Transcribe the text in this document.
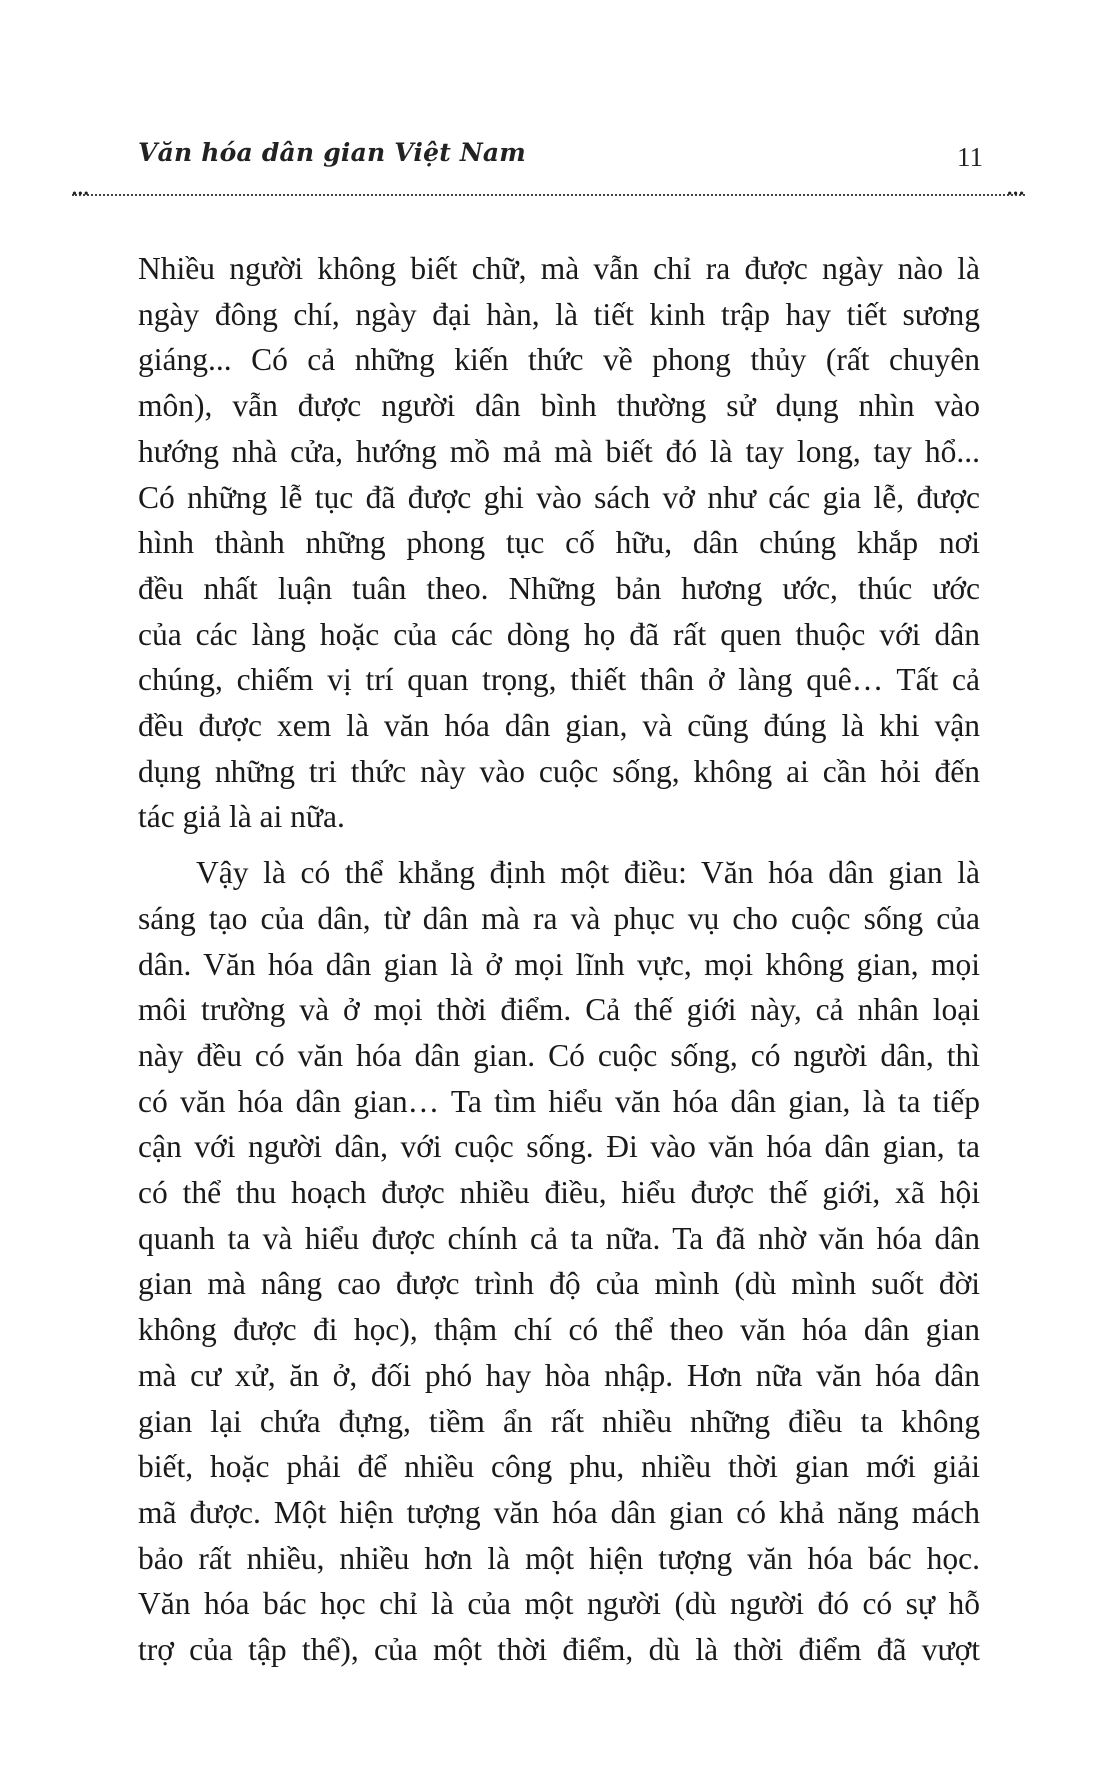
Văn hóa dân gian Việt Nam	11
•••	•••
Nhiều người không biết chữ, mà vẫn chỉ ra được ngày nào là
ngày đông chí, ngày đại hàn, là tiết kinh trập hay tiết sương
giáng... Có cả những kiến thức về phong thủy (rất chuyên
môn), vẫn được người dân bình thường sử dụng nhìn vào
hướng nhà cửa, hướng mồ mả mà biết đó là tay long, tay hổ...
Có những lễ tục đã được ghi vào sách vở như các gia lễ, được
hình thành những phong tục cố hữu, dân chúng khắp nơi
đều nhất luận tuân theo. Những bản hương ước, thúc ước
của các làng hoặc của các dòng họ đã rất quen thuộc với dân
chúng, chiếm vị trí quan trọng, thiết thân ở làng quê… Tất cả
đều được xem là văn hóa dân gian, và cũng đúng là khi vận
dụng những tri thức này vào cuộc sống, không ai cần hỏi đến
tác giả là ai nữa.
Vậy là có thể khẳng định một điều: Văn hóa dân gian là
sáng tạo của dân, từ dân mà ra và phục vụ cho cuộc sống của
dân. Văn hóa dân gian là ở mọi lĩnh vực, mọi không gian, mọi
môi trường và ở mọi thời điểm. Cả thế giới này, cả nhân loại
này đều có văn hóa dân gian. Có cuộc sống, có người dân, thì
có văn hóa dân gian… Ta tìm hiểu văn hóa dân gian, là ta tiếp
cận với người dân, với cuộc sống. Đi vào văn hóa dân gian, ta
có thể thu hoạch được nhiều điều, hiểu được thế giới, xã hội
quanh ta và hiểu được chính cả ta nữa. Ta đã nhờ văn hóa dân
gian mà nâng cao được trình độ của mình (dù mình suốt đời
không được đi học), thậm chí có thể theo văn hóa dân gian
mà cư xử, ăn ở, đối phó hay hòa nhập. Hơn nữa văn hóa dân
gian lại chứa đựng, tiềm ẩn rất nhiều những điều ta không
biết, hoặc phải để nhiều công phu, nhiều thời gian mới giải
mã được. Một hiện tượng văn hóa dân gian có khả năng mách
bảo rất nhiều, nhiều hơn là một hiện tượng văn hóa bác học.
Văn hóa bác học chỉ là của một người (dù người đó có sự hỗ
trợ của tập thể), của một thời điểm, dù là thời điểm đã vượt
